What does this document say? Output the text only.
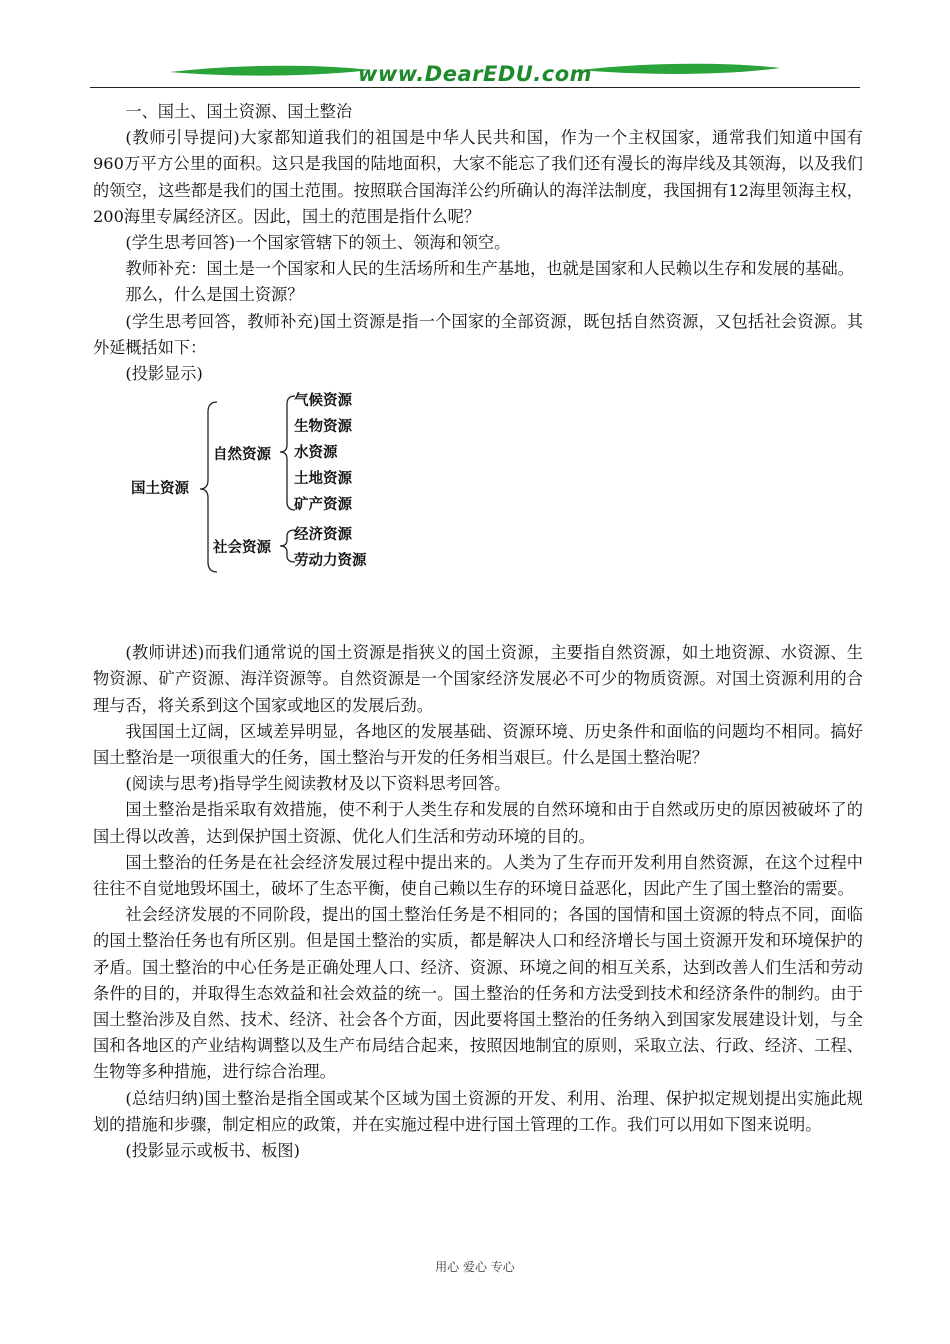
www.DearEDU.com

一、国土、国土资源、国土整治

(教师引导提问)大家都知道我们的祖国是中华人民共和国，作为一个主权国家，通常我们知道中国有960万平方公里的面积。这只是我国的陆地面积，大家不能忘了我们还有漫长的海岸线及其领海，以及我们的领空，这些都是我们的国土范围。按照联合国海洋公约所确认的海洋法制度，我国拥有12海里领海主权，200海里专属经济区。因此，国土的范围是指什么呢？

(学生思考回答)一个国家管辖下的领土、领海和领空。

教师补充：国土是一个国家和人民的生活场所和生产基地，也就是国家和人民赖以生存和发展的基础。

那么，什么是国土资源？

(学生思考回答，教师补充)国土资源是指一个国家的全部资源，既包括自然资源，又包括社会资源。其外延概括如下：

(投影显示)

国土资源
自然资源
社会资源
气候资源
生物资源
水资源
土地资源
矿产资源
经济资源
劳动力资源

(教师讲述)而我们通常说的国土资源是指狭义的国土资源，主要指自然资源，如土地资源、水资源、生物资源、矿产资源、海洋资源等。自然资源是一个国家经济发展必不可少的物质资源。对国土资源利用的合理与否，将关系到这个国家或地区的发展后劲。

我国国土辽阔，区域差异明显，各地区的发展基础、资源环境、历史条件和面临的问题均不相同。搞好国土整治是一项很重大的任务，国土整治与开发的任务相当艰巨。什么是国土整治呢？

(阅读与思考)指导学生阅读教材及以下资料思考回答。

国土整治是指采取有效措施，使不利于人类生存和发展的自然环境和由于自然或历史的原因被破坏了的国土得以改善，达到保护国土资源、优化人们生活和劳动环境的目的。

国土整治的任务是在社会经济发展过程中提出来的。人类为了生存而开发利用自然资源，在这个过程中往往不自觉地毁坏国土，破坏了生态平衡，使自己赖以生存的环境日益恶化，因此产生了国土整治的需要。

社会经济发展的不同阶段，提出的国土整治任务是不相同的；各国的国情和国土资源的特点不同，面临的国土整治任务也有所区别。但是国土整治的实质，都是解决人口和经济增长与国土资源开发和环境保护的矛盾。国土整治的中心任务是正确处理人口、经济、资源、环境之间的相互关系，达到改善人们生活和劳动条件的目的，并取得生态效益和社会效益的统一。国土整治的任务和方法受到技术和经济条件的制约。由于国土整治涉及自然、技术、经济、社会各个方面，因此要将国土整治的任务纳入到国家发展建设计划，与全国和各地区的产业结构调整以及生产布局结合起来，按照因地制宜的原则，采取立法、行政、经济、工程、生物等多种措施，进行综合治理。

(总结归纳)国土整治是指全国或某个区域为国土资源的开发、利用、治理、保护拟定规划提出实施此规划的措施和步骤，制定相应的政策，并在实施过程中进行国土管理的工作。我们可以用如下图来说明。

(投影显示或板书、板图)

用心 爱心 专心
